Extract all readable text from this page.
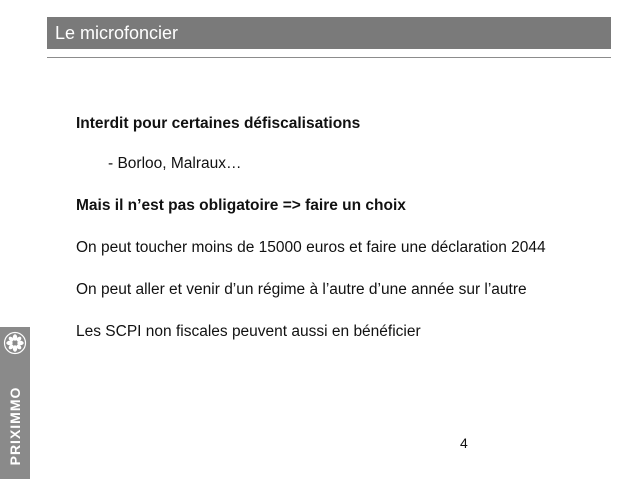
Le microfoncier

Interdit pour certaines défiscalisations

- Borloo, Malraux…

Mais il n’est pas obligatoire => faire un choix

On peut toucher moins de 15000 euros et faire une déclaration 2044

On peut aller et venir d’un régime à l’autre d’une année sur l’autre

Les SCPI non fiscales peuvent aussi en bénéficier

4
PRIXIMMO
